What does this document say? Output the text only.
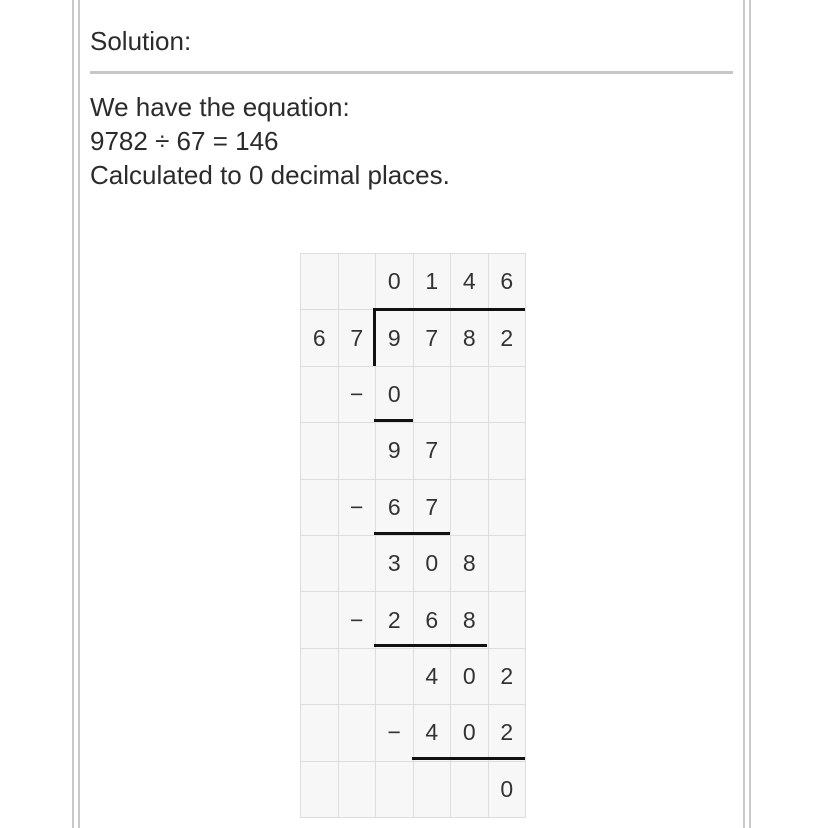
Solution:
We have the equation:
9782 ÷ 67 = 146
Calculated to 0 decimal places.
		0	1	4	6
6	7	9	7	8	2
	−	0			
		9	7		
	−	6	7		
		3	0	8	
	−	2	6	8	
			4	0	2
		−	4	0	2
					0
